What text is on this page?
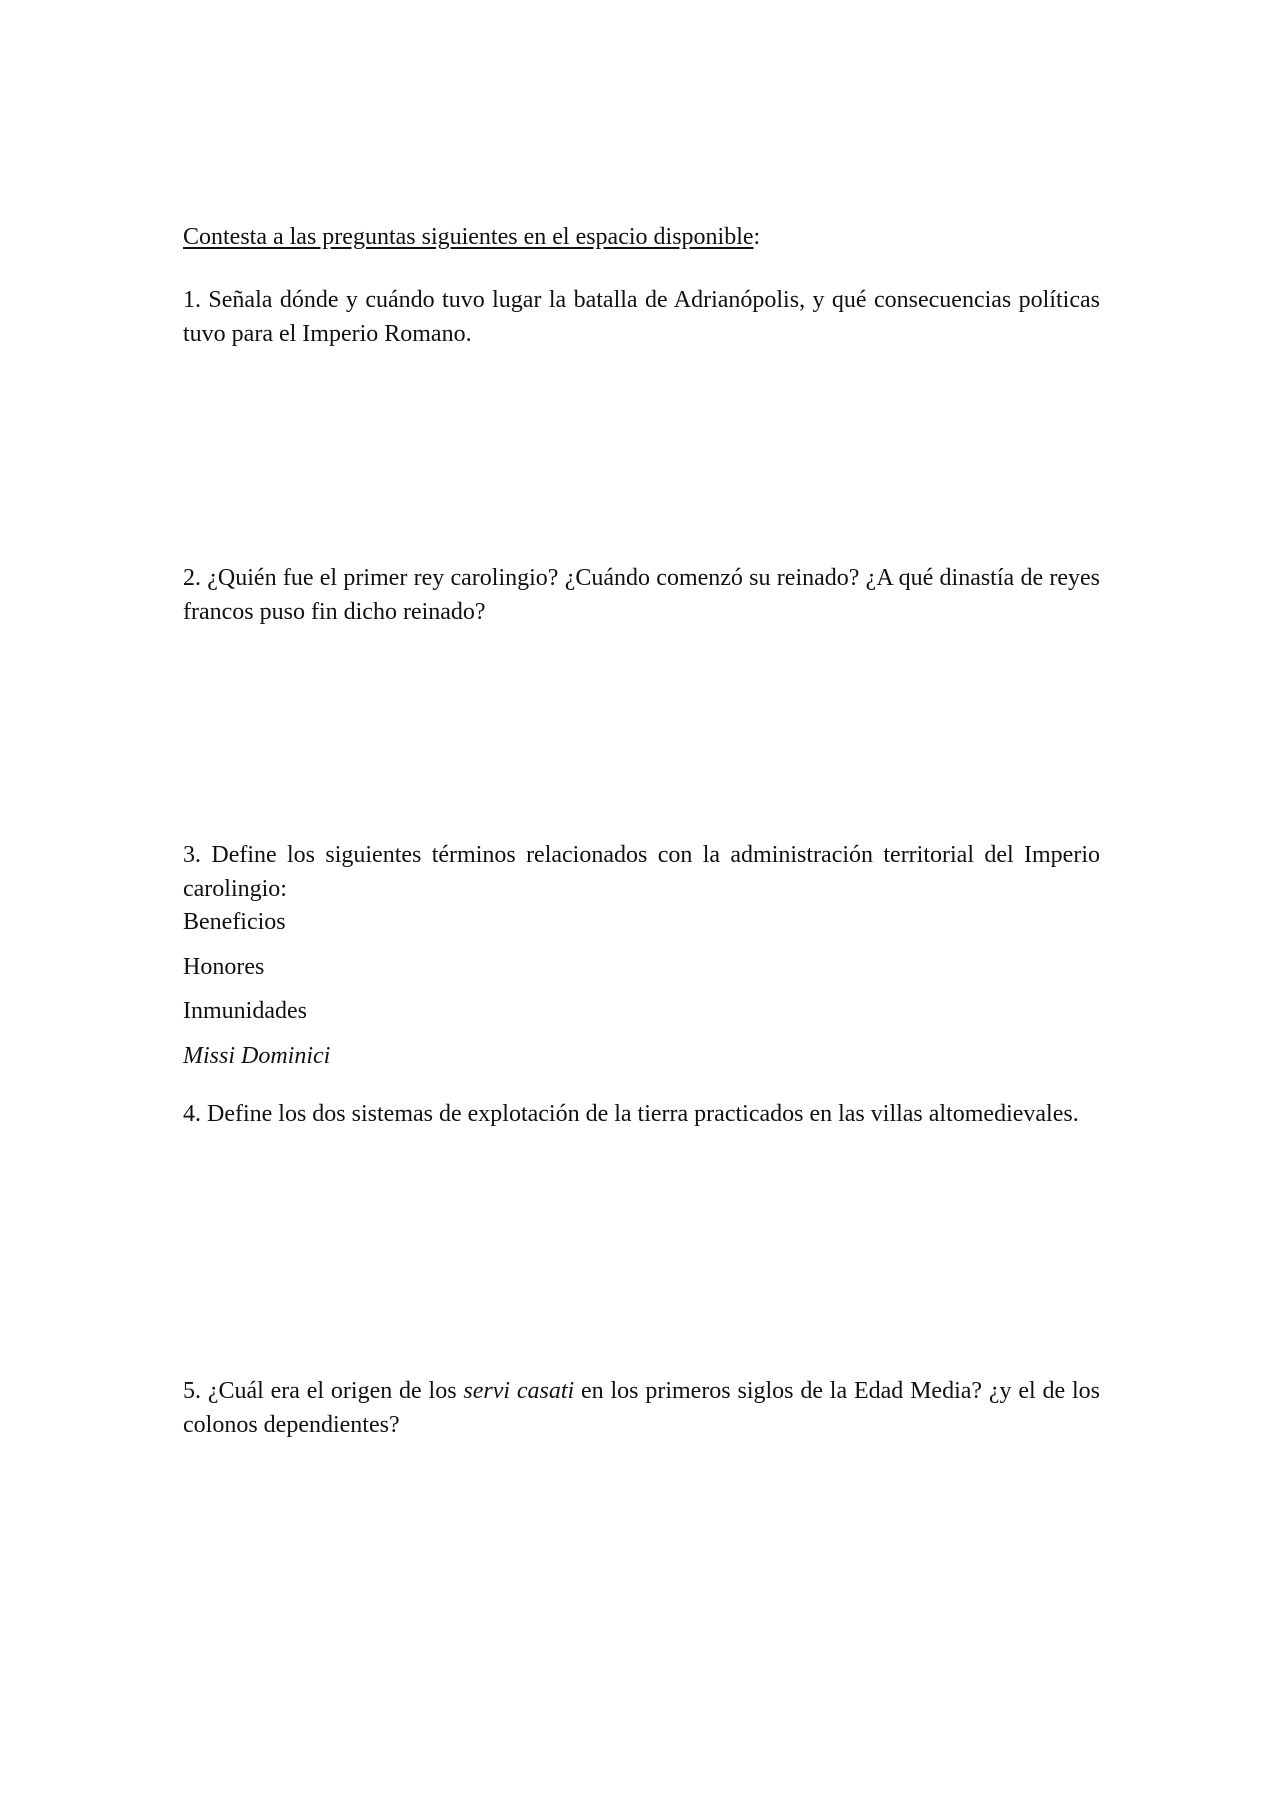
Contesta a las preguntas siguientes en el espacio disponible:
1. Señala dónde y cuándo tuvo lugar la batalla de Adrianópolis, y qué consecuencias políticas tuvo para el Imperio Romano.
2. ¿Quién fue el primer rey carolingio? ¿Cuándo comenzó su reinado? ¿A qué dinastía de reyes francos puso fin dicho reinado?
3. Define los siguientes términos relacionados con la administración territorial del Imperio carolingio:
Beneficios
Honores
Inmunidades
Missi Dominici
4. Define los dos sistemas de explotación de la tierra practicados en las villas altomedievales.
5. ¿Cuál era el origen de los servi casati en los primeros siglos de la Edad Media? ¿y el de los colonos dependientes?
